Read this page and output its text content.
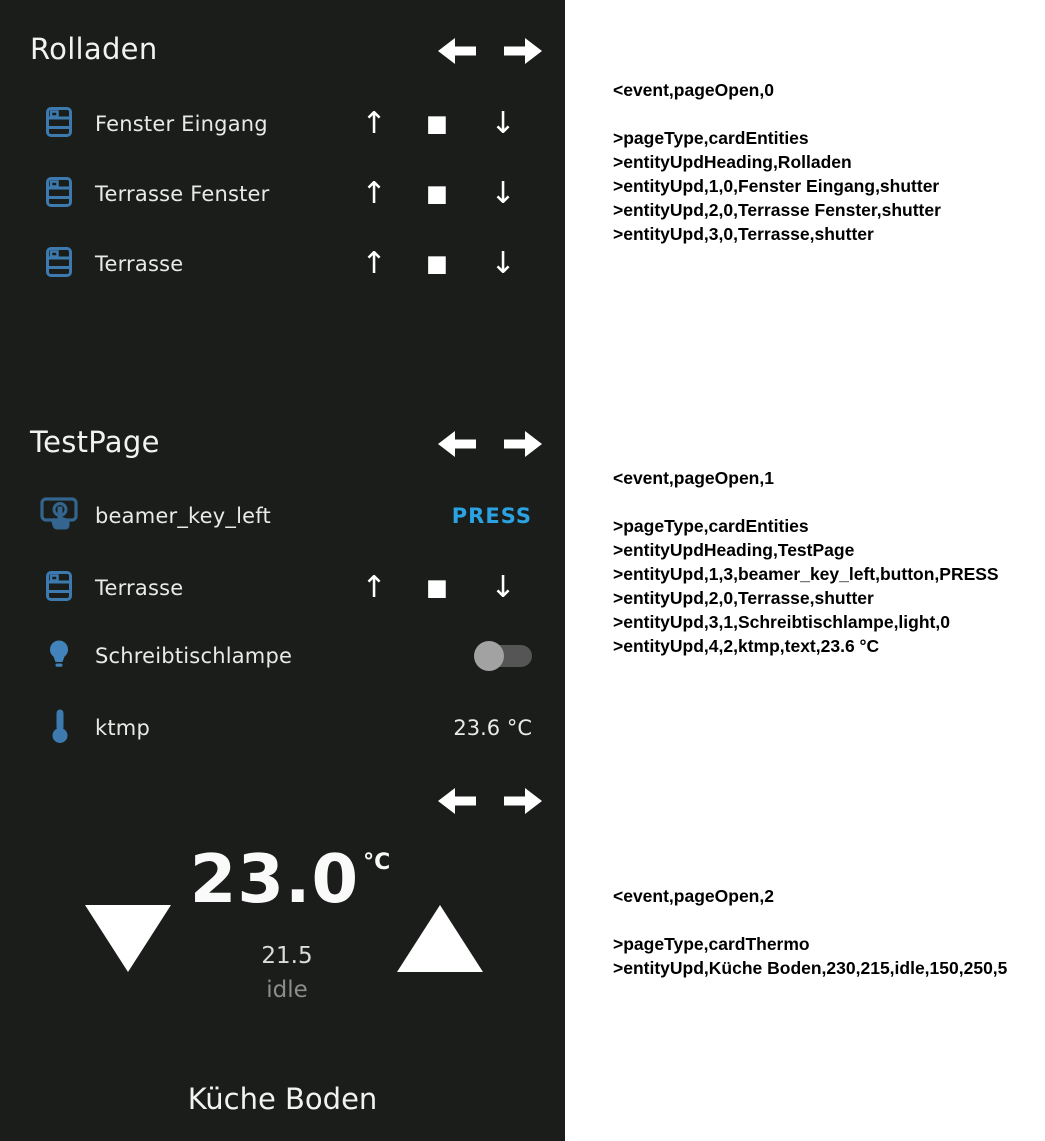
Rolladen
Fenster Eingang	↑	■	↓
Terrasse Fenster	↑	■	↓
Terrasse	↑	■	↓
TestPage
beamer_key_left	PRESS
Terrasse	↑	■	↓
Schreibtischlampe
ktmp	23.6 °C
23.0 °C
21.5
idle
Küche Boden
<event,pageOpen,0
>pageType,cardEntities
>entityUpdHeading,Rolladen
>entityUpd,1,0,Fenster Eingang,shutter
>entityUpd,2,0,Terrasse Fenster,shutter
>entityUpd,3,0,Terrasse,shutter
<event,pageOpen,1
>pageType,cardEntities
>entityUpdHeading,TestPage
>entityUpd,1,3,beamer_key_left,button,PRESS
>entityUpd,2,0,Terrasse,shutter
>entityUpd,3,1,Schreibtischlampe,light,0
>entityUpd,4,2,ktmp,text,23.6 °C
<event,pageOpen,2
>pageType,cardThermo
>entityUpd,Küche Boden,230,215,idle,150,250,5
